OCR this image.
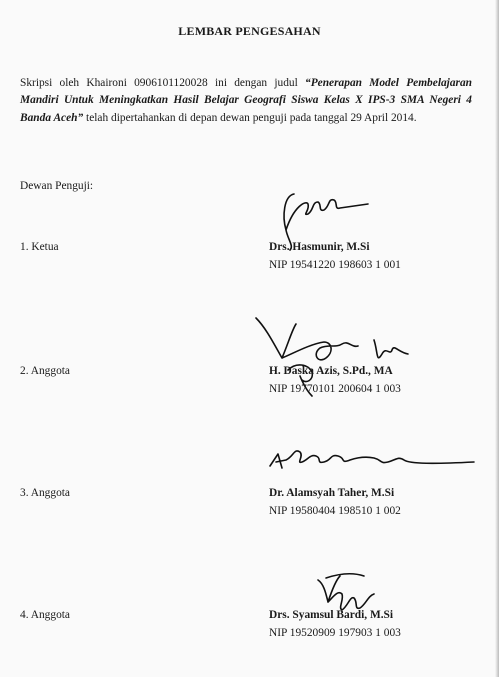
LEMBAR PENGESAHAN
Skripsi oleh Khaironi 0906101120028 ini dengan judul “Penerapan Model Pembelajaran Mandiri Untuk Meningkatkan Hasil Belajar Geografi Siswa Kelas X IPS-3 SMA Negeri 4 Banda Aceh” telah dipertahankan di depan dewan penguji pada tanggal 29 April 2014.
Dewan Penguji:
1. Ketua	Drs. Hasmunir, M.Si
NIP 19541220 198603 1 001
2. Anggota	H. Daska Azis, S.Pd., MA
NIP 19770101 200604 1 003
3. Anggota	Dr. Alamsyah Taher, M.Si
NIP 19580404 198510 1 002
4. Anggota	Drs. Syamsul Bardi, M.Si
NIP 19520909 197903 1 003
